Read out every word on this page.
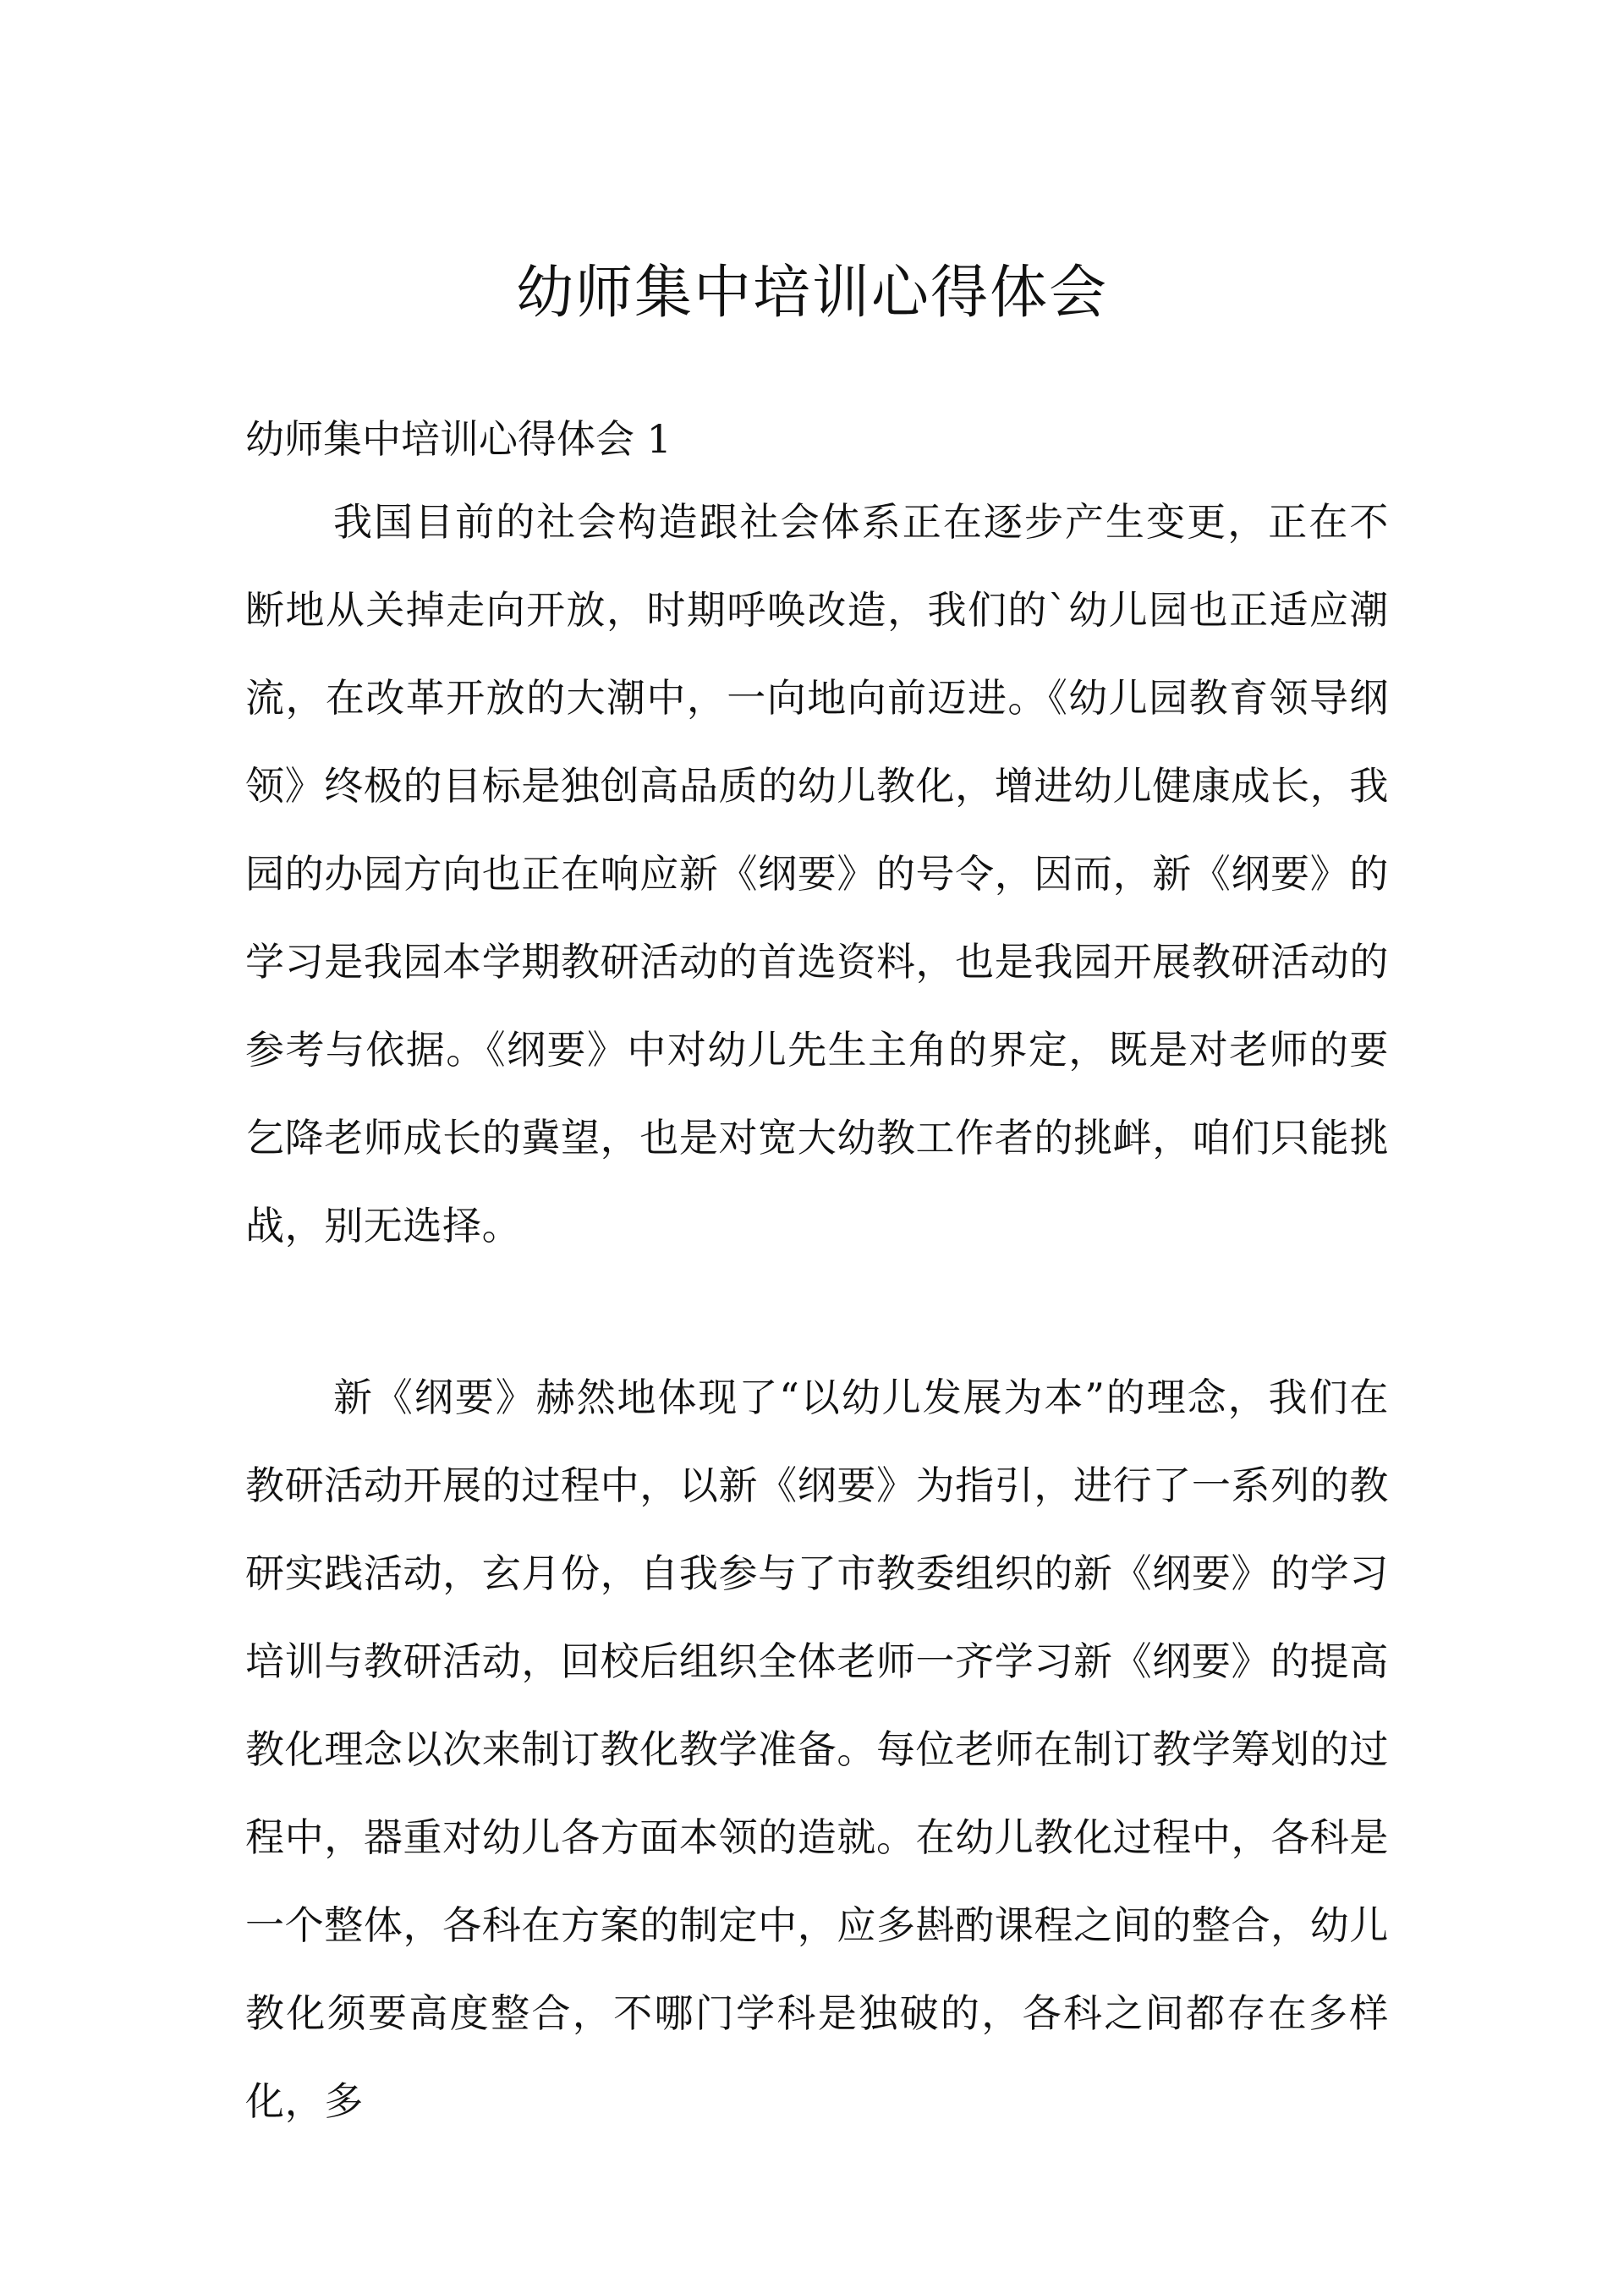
幼师集中培训心得体会
幼师集中培训心得体会 1

我国目前的社会构造跟社会体系正在逐步产生变更，正在不断地从关掉走向开放，时期呼唤改造，我们的`幼儿园也正适应潮流，在改革开放的大潮中，一向地向前迈进。《幼儿园教育领导纲领》终极的目标是独创高品质的幼儿教化，增进幼儿健康成长，我园的办园方向也正在响应新《纲要》的号令，因而，新《纲要》的学习是我园本学期教研活动的首选资料，也是我园开展教研活动的参考与依据。《纲要》中对幼儿先生主角的界定，既是对老师的要乞降老师成长的冀望，也是对宽大幼教工作者的挑衅，咱们只能挑战，别无选择。

新《纲要》赫然地体现了“以幼儿发展为本”的理念，我们在教研活动开展的过程中，以新《纲要》为指引，进行了一系列的教研实践活动，玄月份，自我参与了市教委组织的新《纲要》的学习培训与教研活动，回校后组织全体老师一齐学习新《纲要》的提高教化理念以次来制订教化教学准备。每位老师在制订教学筹划的过程中，器重对幼儿各方面本领的造就。在幼儿教化过程中，各科是一个整体，各科在方案的制定中，应多斟酌课程之间的整合，幼儿教化须要高度整合，不哪门学科是独破的，各科之间都存在多样化，多
